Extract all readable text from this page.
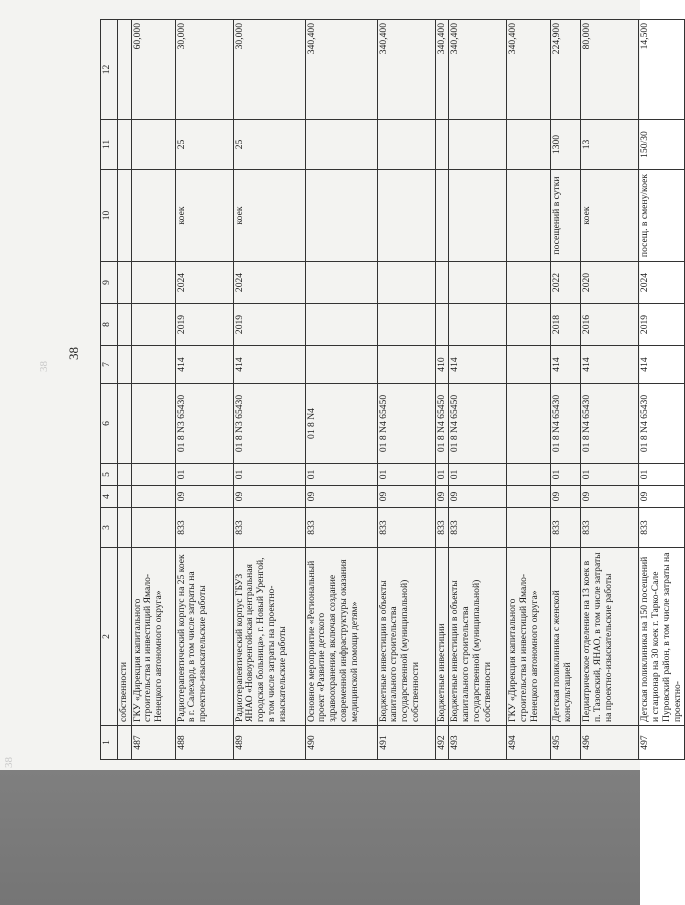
38
38
38
1	2	3	4	5	6	7	8	9	10	11	12
	собственности										
487	ГКУ «Дирекция капитального строительства и инвестиций Ямало-Ненецкого автономного округа»										60,000
488	Радиотерапевтический корпус на 25 коек в г. Салехард, в том числе затраты на проектно-изыскательские работы	833	09	01	01 8 N3 65430	414	2019	2024	коек	25	30,000
489	Радиотерапевтический корпус ГБУЗ ЯНАО «Новоуренгойская центральная городская больница», г. Новый Уренгой, в том числе затраты на проектно-изыскательские работы	833	09	01	01 8 N3 65430	414	2019	2024	коек	25	30,000
490	Основное мероприятие «Региональный проект «Развитие детского здравоохранения, включая создание современной инфраструктуры оказания медицинской помощи детям»	833	09	01	01 8 N4						340,400
491	Бюджетные инвестиции в объекты капитального строительства государственной (муниципальной) собственности	833	09	01	01 8 N4 65450						340,400
492	Бюджетные инвестиции	833	09	01	01 8 N4 65450	410					340,400
493	Бюджетные инвестиции в объекты капитального строительства государственной (муниципальной) собственности	833	09	01	01 8 N4 65450	414					340,400
494	ГКУ «Дирекция капитального строительства и инвестиций Ямало-Ненецкого автономного округа»										340,400
495	Детская поликлиника с женской консультацией	833	09	01	01 8 N4 65430	414	2018	2022	посещений в сутки	1300	224,900
496	Педиатрическое отделение на 13 коек в п. Тазовский, ЯНАО, в том числе затраты на проектно-изыскательские работы	833	09	01	01 8 N4 65430	414	2016	2020	коек	13	80,000
497	Детская поликлиника на 150 посещений и стационар на 30 коек г. Тарко-Сале Пуровский район, в том числе затраты на проектно-	833	09	01	01 8 N4 65430	414	2019	2024	посещ. в смену/коек	150/30	14,500
